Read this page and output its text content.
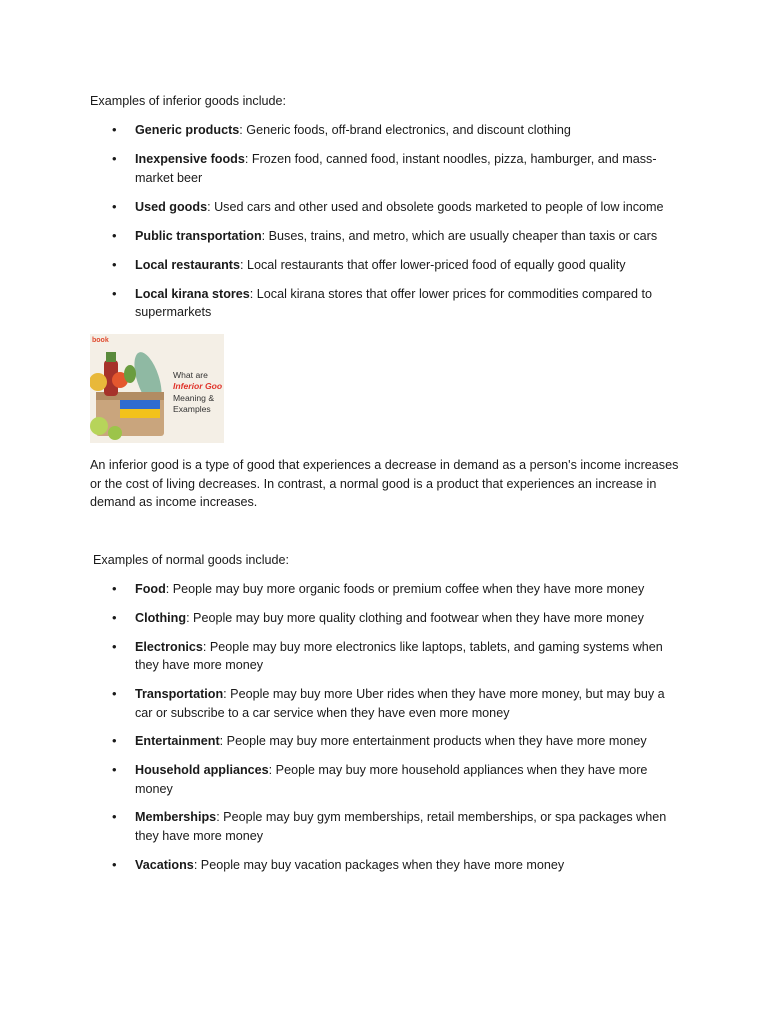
Examples of inferior goods include:

• Generic products: Generic foods, off-brand electronics, and discount clothing
• Inexpensive foods: Frozen food, canned food, instant noodles, pizza, hamburger, and mass-market beer
• Used goods: Used cars and other used and obsolete goods marketed to people of low income
• Public transportation: Buses, trains, and metro, which are usually cheaper than taxis or cars
• Local restaurants: Local restaurants that offer lower-priced food of equally good quality
• Local kirana stores: Local kirana stores that offer lower prices for commodities compared to supermarkets
book
What are
Inferior Goo
Meaning &
Examples

An inferior good is a type of good that experiences a decrease in demand as a person's income increases or the cost of living decreases. In contrast, a normal good is a product that experiences an increase in demand as income increases.

Examples of normal goods include:

• Food: People may buy more organic foods or premium coffee when they have more money
• Clothing: People may buy more quality clothing and footwear when they have more money
• Electronics: People may buy more electronics like laptops, tablets, and gaming systems when they have more money
• Transportation: People may buy more Uber rides when they have more money, but may buy a car or subscribe to a car service when they have even more money
• Entertainment: People may buy more entertainment products when they have more money
• Household appliances: People may buy more household appliances when they have more money
• Memberships: People may buy gym memberships, retail memberships, or spa packages when they have more money
• Vacations: People may buy vacation packages when they have more money
